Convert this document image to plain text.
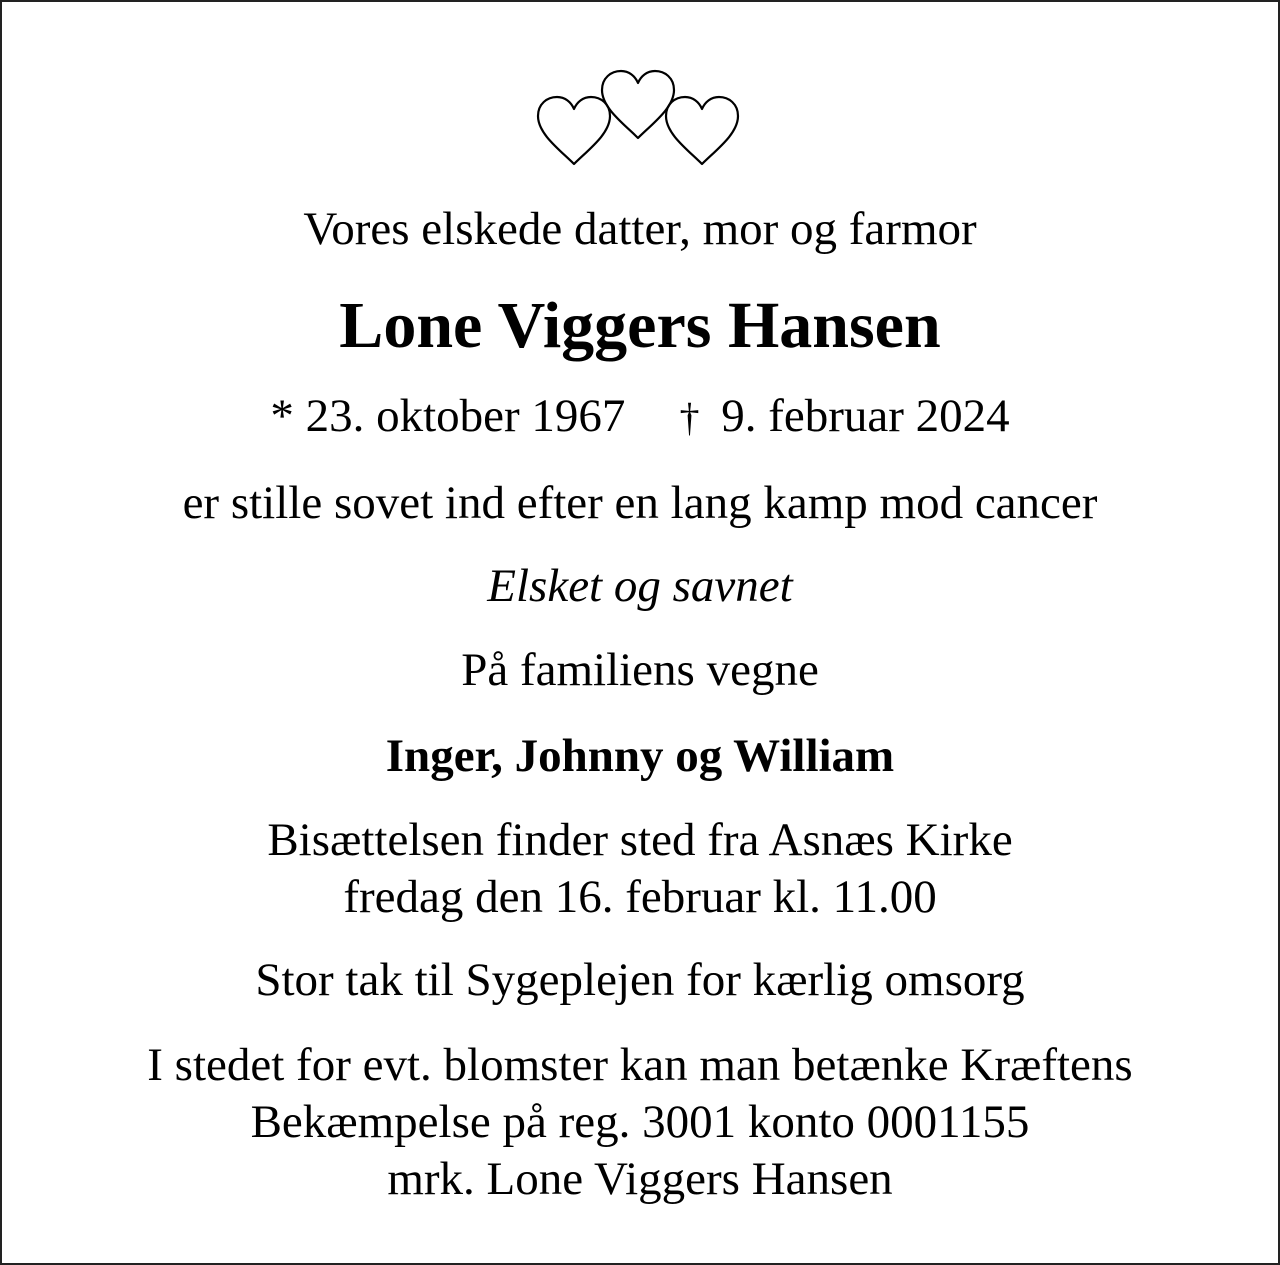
Vores elskede datter, mor og farmor
Lone Viggers Hansen
* 23. oktober 1967 † 9. februar 2024
er stille sovet ind efter en lang kamp mod cancer
Elsket og savnet
På familiens vegne
Inger, Johnny og William
Bisættelsen finder sted fra Asnæs Kirke
fredag den 16. februar kl. 11.00
Stor tak til Sygeplejen for kærlig omsorg
I stedet for evt. blomster kan man betænke Kræftens
Bekæmpelse på reg. 3001 konto 0001155
mrk. Lone Viggers Hansen
